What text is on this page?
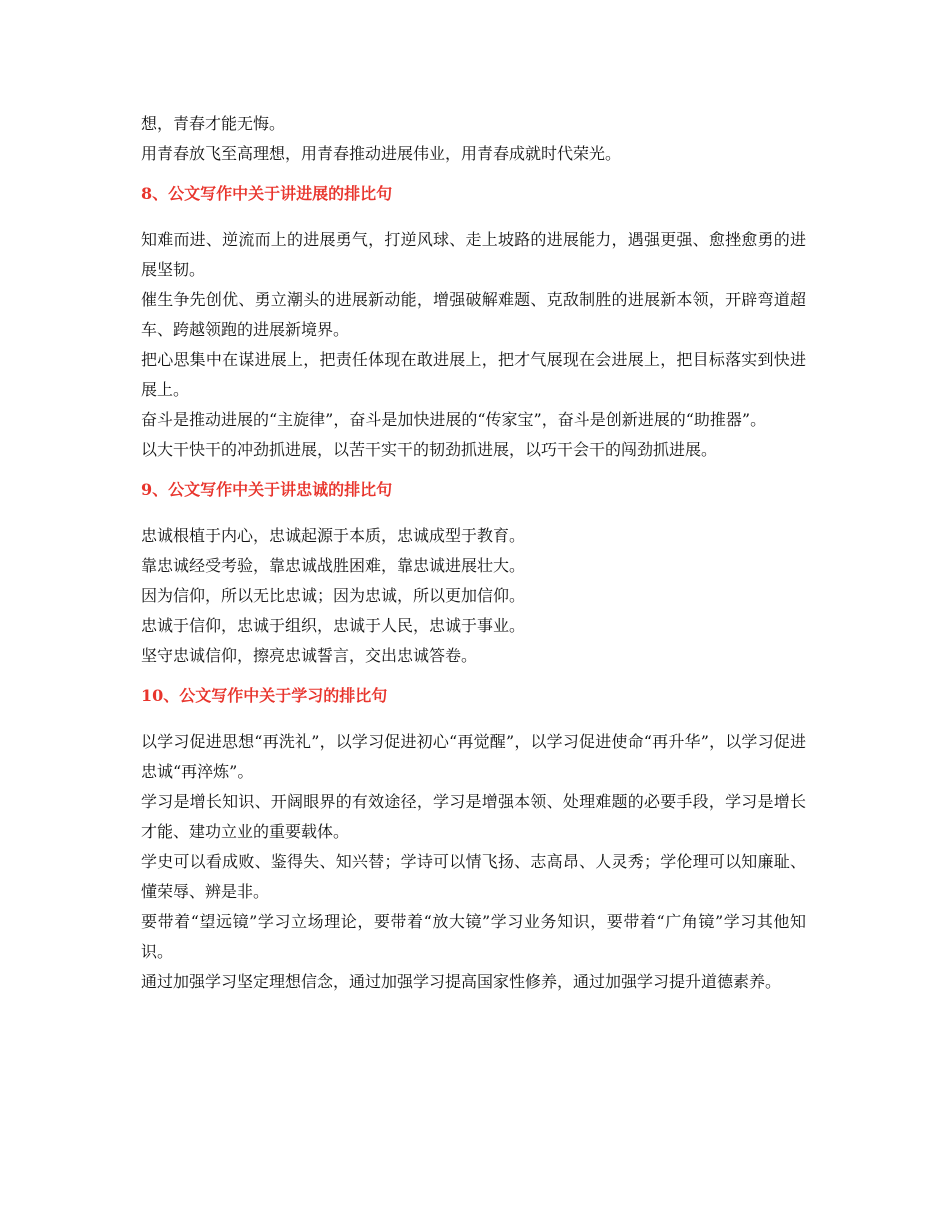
想，青春才能无悔。

用青春放飞至高理想，用青春推动进展伟业，用青春成就时代荣光。

8、公文写作中关于讲进展的排比句

知难而进、逆流而上的进展勇气，打逆风球、走上坡路的进展能力，遇强更强、愈挫愈勇的进展坚韧。

催生争先创优、勇立潮头的进展新动能，增强破解难题、克敌制胜的进展新本领，开辟弯道超车、跨越领跑的进展新境界。

把心思集中在谋进展上，把责任体现在敢进展上，把才气展现在会进展上，把目标落实到快进展上。

奋斗是推动进展的“主旋律”，奋斗是加快进展的“传家宝”，奋斗是创新进展的“助推器”。

以大干快干的冲劲抓进展，以苦干实干的韧劲抓进展，以巧干会干的闯劲抓进展。

9、公文写作中关于讲忠诚的排比句

忠诚根植于内心，忠诚起源于本质，忠诚成型于教育。

靠忠诚经受考验，靠忠诚战胜困难，靠忠诚进展壮大。

因为信仰，所以无比忠诚；因为忠诚，所以更加信仰。

忠诚于信仰，忠诚于组织，忠诚于人民，忠诚于事业。

坚守忠诚信仰，擦亮忠诚誓言，交出忠诚答卷。

10、公文写作中关于学习的排比句

以学习促进思想“再洗礼”，以学习促进初心“再觉醒”，以学习促进使命“再升华”，以学习促进忠诚“再淬炼”。

学习是增长知识、开阔眼界的有效途径，学习是增强本领、处理难题的必要手段，学习是增长才能、建功立业的重要载体。

学史可以看成败、鉴得失、知兴替；学诗可以情飞扬、志高昂、人灵秀；学伦理可以知廉耻、懂荣辱、辨是非。

要带着“望远镜”学习立场理论，要带着“放大镜”学习业务知识，要带着“广角镜”学习其他知识。

通过加强学习坚定理想信念，通过加强学习提高国家性修养，通过加强学习提升道德素养。
